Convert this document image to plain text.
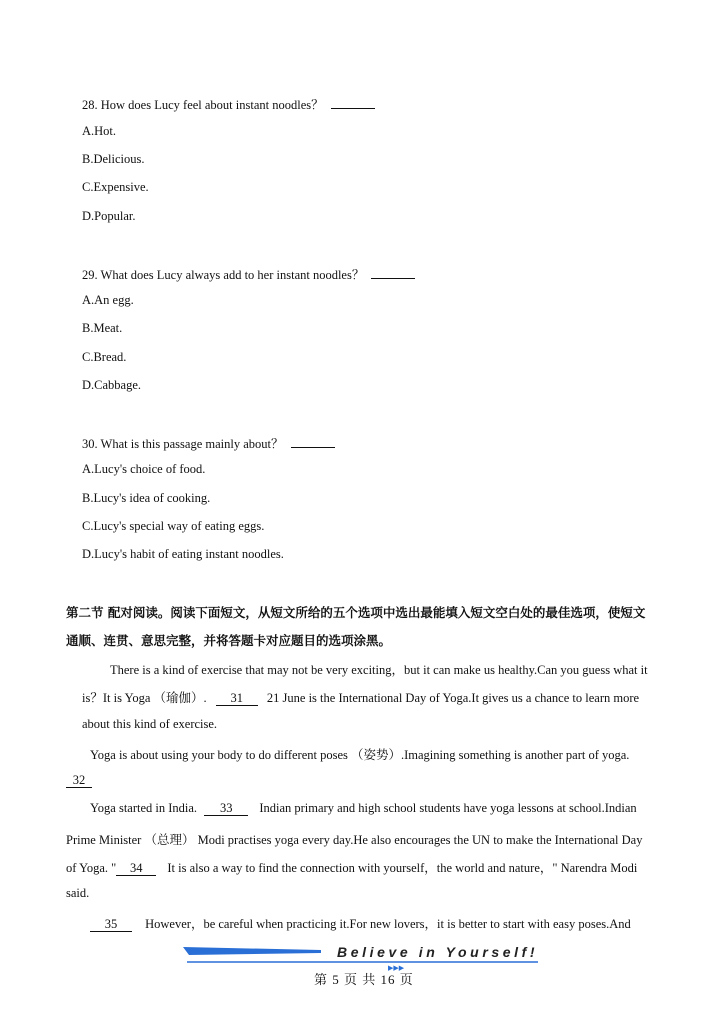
28. How does Lucy feel about instant noodles？
A.Hot.
B.Delicious.
C.Expensive.
D.Popular.
29. What does Lucy always add to her instant noodles？
A.An egg.
B.Meat.
C.Bread.
D.Cabbage.
30. What is this passage mainly about？
A.Lucy's choice of food.
B.Lucy's idea of cooking.
C.Lucy's special way of eating eggs.
D.Lucy's habit of eating instant noodles.
第二节 配对阅读。阅读下面短文，从短文所给的五个选项中选出最能填入短文空白处的最佳选项，使短文
通顺、连贯、意思完整，并将答题卡对应题目的选项涂黑。
There is a kind of exercise that may not be very exciting，but it can make us healthy.Can you guess what it
is？It is Yoga （瑜伽）. 31 21 June is the International Day of Yoga.It gives us a chance to learn more
about this kind of exercise.
Yoga is about using your body to do different poses （姿势）.Imagining something is another part of yoga.
32
Yoga started in India. 33 Indian primary and high school students have yoga lessons at school.Indian
Prime Minister （总理） Modi practises yoga every day.He also encourages the UN to make the International Day
of Yoga. " 34 It is also a way to find the connection with yourself，the world and nature，" Narendra Modi
said.
35 However，be careful when practicing it.For new lovers，it is better to start with easy poses.And
▶▶▶
Believe in Yourself!
第 5 页 共 16 页
